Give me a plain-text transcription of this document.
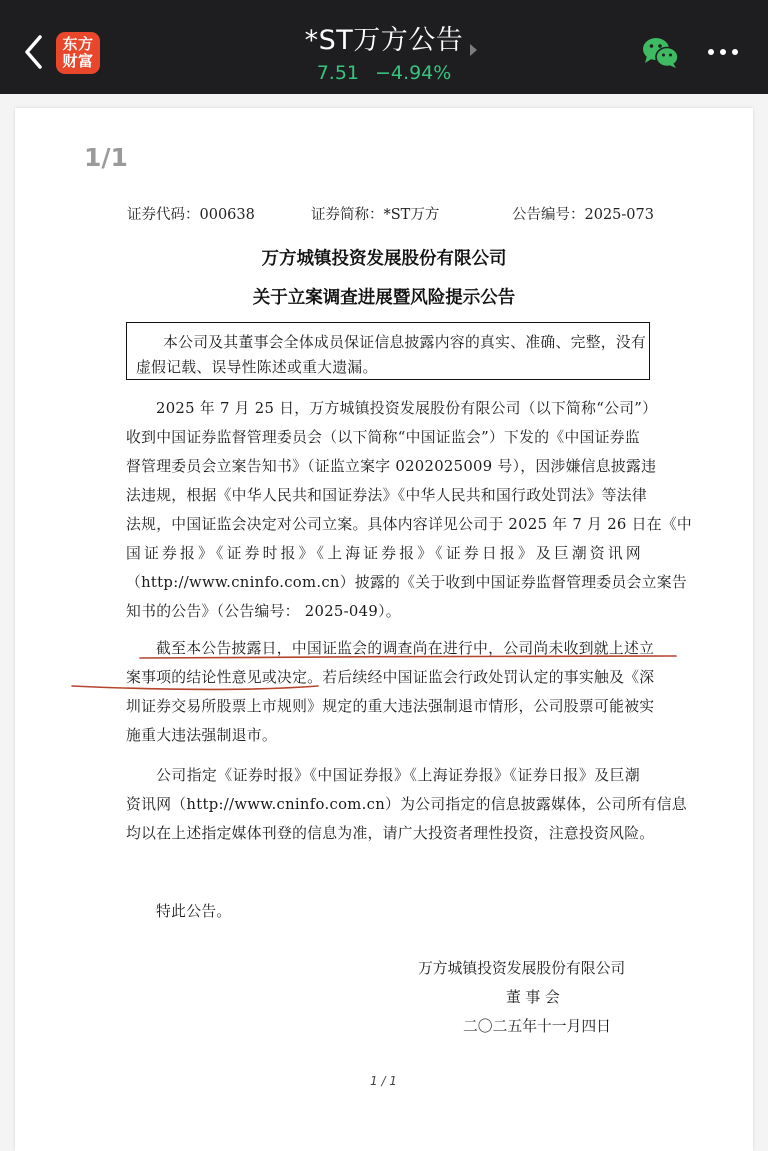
东方
财富
*ST万方公告
7.51 −4.94%
1/1
证券代码：000638	证券简称：*ST万方	公告编号：2025-073
万方城镇投资发展股份有限公司
关于立案调查进展暨风险提示公告
本公司及其董事会全体成员保证信息披露内容的真实、准确、完整，没有
虚假记载、误导性陈述或重大遗漏。
2025 年 7 月 25 日，万方城镇投资发展股份有限公司（以下简称“公司”）
收到中国证券监督管理委员会（以下简称“中国证监会”）下发的《中国证券监
督管理委员会立案告知书》（证监立案字 0202025009 号），因涉嫌信息披露违
法违规，根据《中华人民共和国证券法》《中华人民共和国行政处罚法》等法律
法规，中国证监会决定对公司立案。具体内容详见公司于 2025 年 7 月 26 日在《中
国证券报》《证券时报》《上海证券报》《证券日报》及巨潮资讯网
（http://www.cninfo.com.cn）披露的《关于收到中国证券监督管理委员会立案告
知书的公告》（公告编号： 2025-049）。
截至本公告披露日，中国证监会的调查尚在进行中，公司尚未收到就上述立
案事项的结论性意见或决定。若后续经中国证监会行政处罚认定的事实触及《深
圳证券交易所股票上市规则》规定的重大违法强制退市情形，公司股票可能被实
施重大违法强制退市。
公司指定《证券时报》《中国证券报》《上海证券报》《证券日报》及巨潮
资讯网（http://www.cninfo.com.cn）为公司指定的信息披露媒体，公司所有信息
均以在上述指定媒体刊登的信息为准，请广大投资者理性投资，注意投资风险。
特此公告。
万方城镇投资发展股份有限公司
董 事 会
二〇二五年十一月四日
1 / 1
